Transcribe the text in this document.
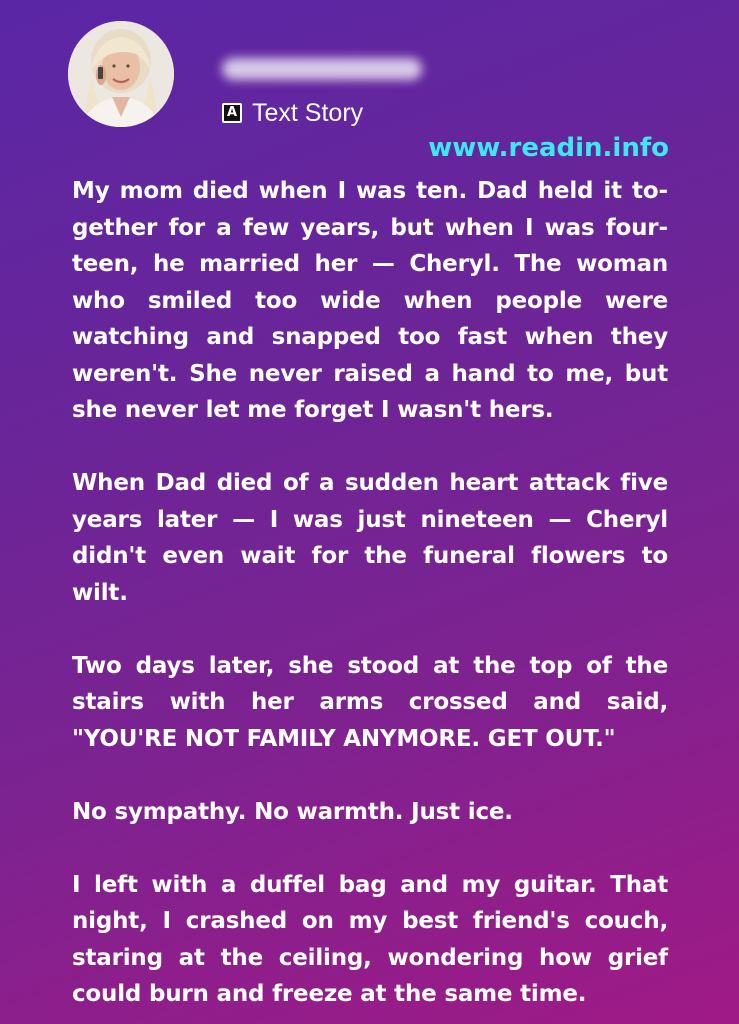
A Text Story
www.readin.info

My mom died when I was ten. Dad held it together for a few years, but when I was fourteen, he married her — Cheryl. The woman who smiled too wide when people were watching and snapped too fast when they weren't. She never raised a hand to me, but she never let me forget I wasn't hers.

When Dad died of a sudden heart attack five years later — I was just nineteen — Cheryl didn't even wait for the funeral flowers to wilt.

Two days later, she stood at the top of the stairs with her arms crossed and said, "YOU'RE NOT FAMILY ANYMORE. GET OUT."

No sympathy. No warmth. Just ice.

I left with a duffel bag and my guitar. That night, I crashed on my best friend's couch, staring at the ceiling, wondering how grief could burn and freeze at the same time.
